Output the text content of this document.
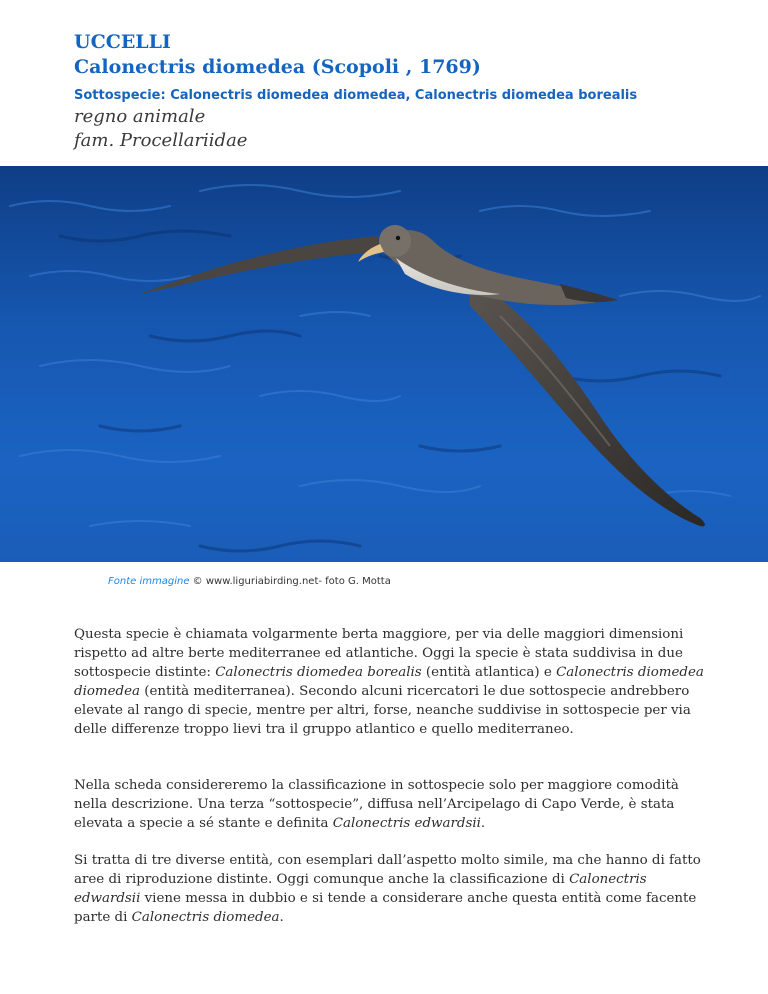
UCCELLI
Calonectris diomedea (Scopoli , 1769)
Sottospecie: Calonectris diomedea diomedea, Calonectris diomedea borealis
regno animale
fam. Procellariidae
Fonte immagine © www.liguriabirding.net- foto G. Motta

Questa specie è chiamata volgarmente berta maggiore, per via delle maggiori dimensioni rispetto ad altre berte mediterranee ed atlantiche. Oggi la specie è stata suddivisa in due sottospecie distinte: Calonectris diomedea borealis (entità atlantica) e Calonectris diomedea diomedea (entità mediterranea). Secondo alcuni ricercatori le due sottospecie andrebbero elevate al rango di specie, mentre per altri, forse, neanche suddivise in sottospecie per via delle differenze troppo lievi tra il gruppo atlantico e quello mediterraneo.

Nella scheda considereremo la classificazione in sottospecie solo per maggiore comodità nella descrizione. Una terza “sottospecie”, diffusa nell’Arcipelago di Capo Verde, è stata elevata a specie a sé stante e definita Calonectris edwardsii.

Si tratta di tre diverse entità, con esemplari dall’aspetto molto simile, ma che hanno di fatto aree di riproduzione distinte. Oggi comunque anche la classificazione di Calonectris edwardsii viene messa in dubbio e si tende a considerare anche questa entità come facente parte di Calonectris diomedea.
